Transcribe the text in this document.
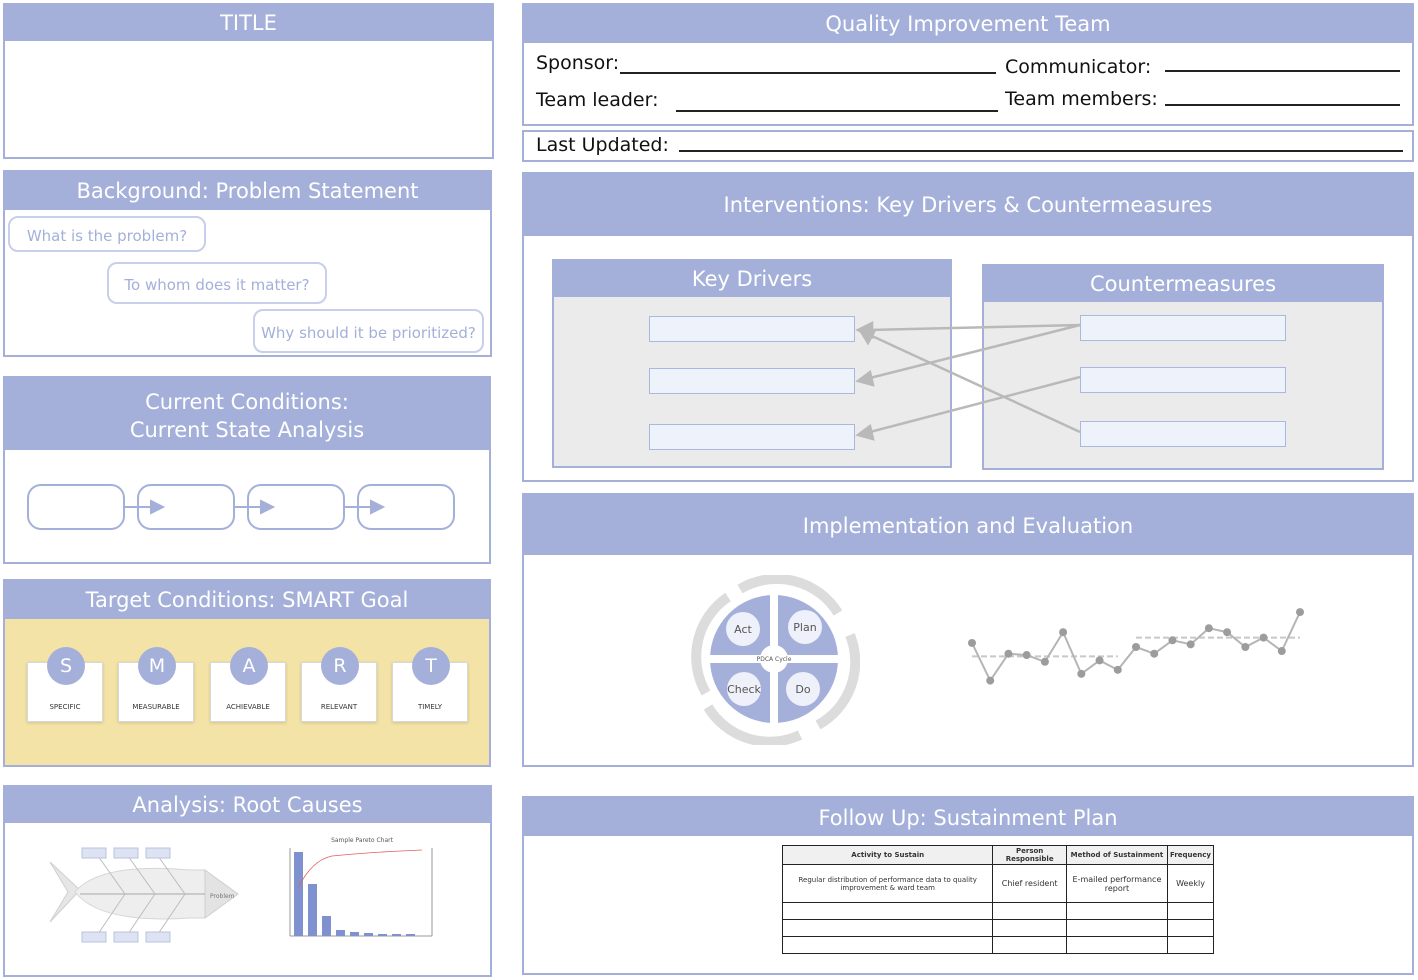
TITLE
Background: Problem Statement
What is the problem?
To whom does it matter?
Why should it be prioritized?
Current Conditions:
Current State Analysis
Target Conditions: SMART Goal
S
SPECIFIC
M
MEASURABLE
A
ACHIEVABLE
R
RELEVANT
T
TIMELY
Analysis: Root Causes
Problem
Sample Pareto Chart
Quality Improvement Team
Sponsor:	Communicator:
Team leader:	Team members:
Last Updated:
Interventions: Key Drivers & Countermeasures
Key Drivers	Countermeasures
Implementation and Evaluation
Act	Plan
Check	Do
PDCA Cycle
Follow Up: Sustainment Plan
Activity to Sustain	Person Responsible	Method of Sustainment	Frequency
Regular distribution of performance data to quality improvement & ward team	Chief resident	E-mailed performance report	Weekly
